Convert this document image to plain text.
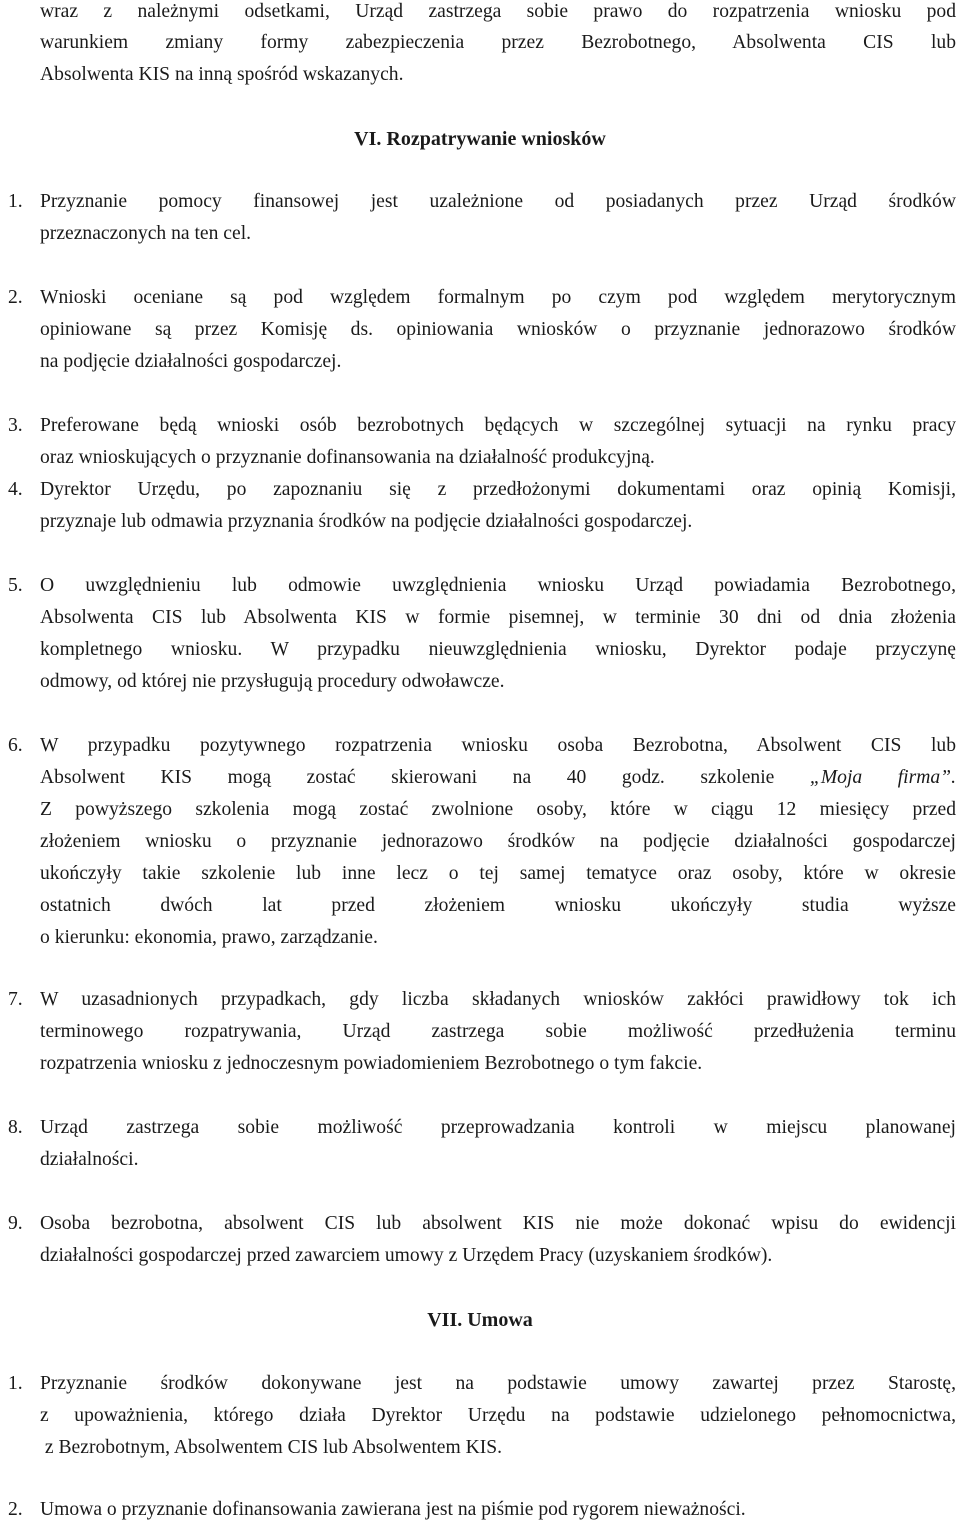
wraz z należnymi odsetkami, Urząd zastrzega sobie prawo do rozpatrzenia wniosku pod
warunkiem zmiany formy zabezpieczenia przez Bezrobotnego, Absolwenta CIS lub
Absolwenta KIS na inną spośród wskazanych.
VI. Rozpatrywanie wniosków
1. Przyznanie pomocy finansowej jest uzależnione od posiadanych przez Urząd środków
przeznaczonych na ten cel.
2. Wnioski oceniane są pod względem formalnym po czym pod względem merytorycznym
opiniowane są przez Komisję ds. opiniowania wniosków o przyznanie jednorazowo środków
na podjęcie działalności gospodarczej.
3. Preferowane będą wnioski osób bezrobotnych będących w szczególnej sytuacji na rynku pracy
oraz wnioskujących o przyznanie dofinansowania na działalność produkcyjną.
4. Dyrektor Urzędu, po zapoznaniu się z przedłożonymi dokumentami oraz opinią Komisji,
przyznaje lub odmawia przyznania środków na podjęcie działalności gospodarczej.
5. O uwzględnieniu lub odmowie uwzględnienia wniosku Urząd powiadamia Bezrobotnego,
Absolwenta CIS lub Absolwenta KIS w formie pisemnej, w terminie 30 dni od dnia złożenia
kompletnego wniosku. W przypadku nieuwzględnienia wniosku, Dyrektor podaje przyczynę
odmowy, od której nie przysługują procedury odwoławcze.
6. W przypadku pozytywnego rozpatrzenia wniosku osoba Bezrobotna, Absolwent CIS lub
Absolwent KIS mogą zostać skierowani na 40 godz. szkolenie „Moja firma”.
Z powyższego szkolenia mogą zostać zwolnione osoby, które w ciągu 12 miesięcy przed
złożeniem wniosku o przyznanie jednorazowo środków na podjęcie działalności gospodarczej
ukończyły takie szkolenie lub inne lecz o tej samej tematyce oraz osoby, które w okresie
ostatnich dwóch lat przed złożeniem wniosku ukończyły studia wyższe
o kierunku: ekonomia, prawo, zarządzanie.
7. W uzasadnionych przypadkach, gdy liczba składanych wniosków zakłóci prawidłowy tok ich
terminowego rozpatrywania, Urząd zastrzega sobie możliwość przedłużenia terminu
rozpatrzenia wniosku z jednoczesnym powiadomieniem Bezrobotnego o tym fakcie.
8. Urząd zastrzega sobie możliwość przeprowadzania kontroli w miejscu planowanej
działalności.
9. Osoba bezrobotna, absolwent CIS lub absolwent KIS nie może dokonać wpisu do ewidencji
działalności gospodarczej przed zawarciem umowy z Urzędem Pracy (uzyskaniem środków).
VII. Umowa
1. Przyznanie środków dokonywane jest na podstawie umowy zawartej przez Starostę,
z upoważnienia, którego działa Dyrektor Urzędu na podstawie udzielonego pełnomocnictwa,
z Bezrobotnym, Absolwentem CIS lub Absolwentem KIS.
2. Umowa o przyznanie dofinansowania zawierana jest na piśmie pod rygorem nieważności.
